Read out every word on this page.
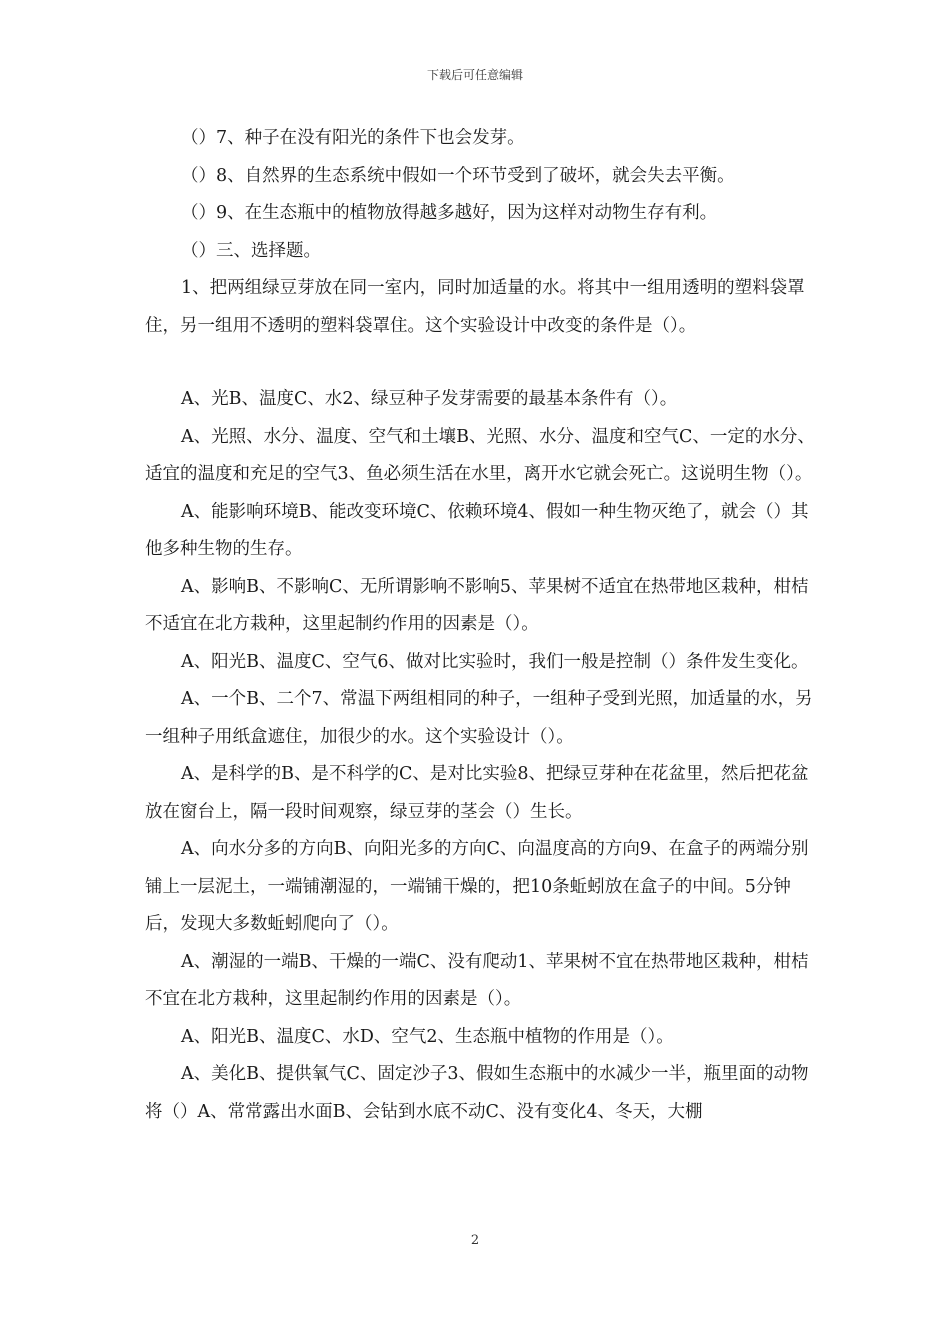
下载后可任意编辑

（）7、种子在没有阳光的条件下也会发芽。

（）8、自然界的生态系统中假如一个环节受到了破坏，就会失去平衡。

（）9、在生态瓶中的植物放得越多越好，因为这样对动物生存有利。

（）三、选择题。

1、把两组绿豆芽放在同一室内，同时加适量的水。将其中一组用透明的塑料袋罩住，另一组用不透明的塑料袋罩住。这个实验设计中改变的条件是（）。

A、光B、温度C、水2、绿豆种子发芽需要的最基本条件有（）。

A、光照、水分、温度、空气和土壤B、光照、水分、温度和空气C、一定的水分、适宜的温度和充足的空气3、鱼必须生活在水里，离开水它就会死亡。这说明生物（）。

A、能影响环境B、能改变环境C、依赖环境4、假如一种生物灭绝了，就会（）其他多种生物的生存。

A、影响B、不影响C、无所谓影响不影响5、苹果树不适宜在热带地区栽种，柑桔不适宜在北方栽种，这里起制约作用的因素是（）。

A、阳光B、温度C、空气6、做对比实验时，我们一般是控制（）条件发生变化。

A、一个B、二个7、常温下两组相同的种子，一组种子受到光照，加适量的水，另一组种子用纸盒遮住，加很少的水。这个实验设计（）。

A、是科学的B、是不科学的C、是对比实验8、把绿豆芽种在花盆里，然后把花盆放在窗台上，隔一段时间观察，绿豆芽的茎会（）生长。

A、向水分多的方向B、向阳光多的方向C、向温度高的方向9、在盒子的两端分别铺上一层泥土，一端铺潮湿的，一端铺干燥的，把10条蚯蚓放在盒子的中间。5分钟后，发现大多数蚯蚓爬向了（）。

A、潮湿的一端B、干燥的一端C、没有爬动1、苹果树不宜在热带地区栽种，柑桔不宜在北方栽种，这里起制约作用的因素是（）。

A、阳光B、温度C、水D、空气2、生态瓶中植物的作用是（）。

A、美化B、提供氧气C、固定沙子3、假如生态瓶中的水减少一半，瓶里面的动物将（）A、常常露出水面B、会钻到水底不动C、没有变化4、冬天，大棚

2
